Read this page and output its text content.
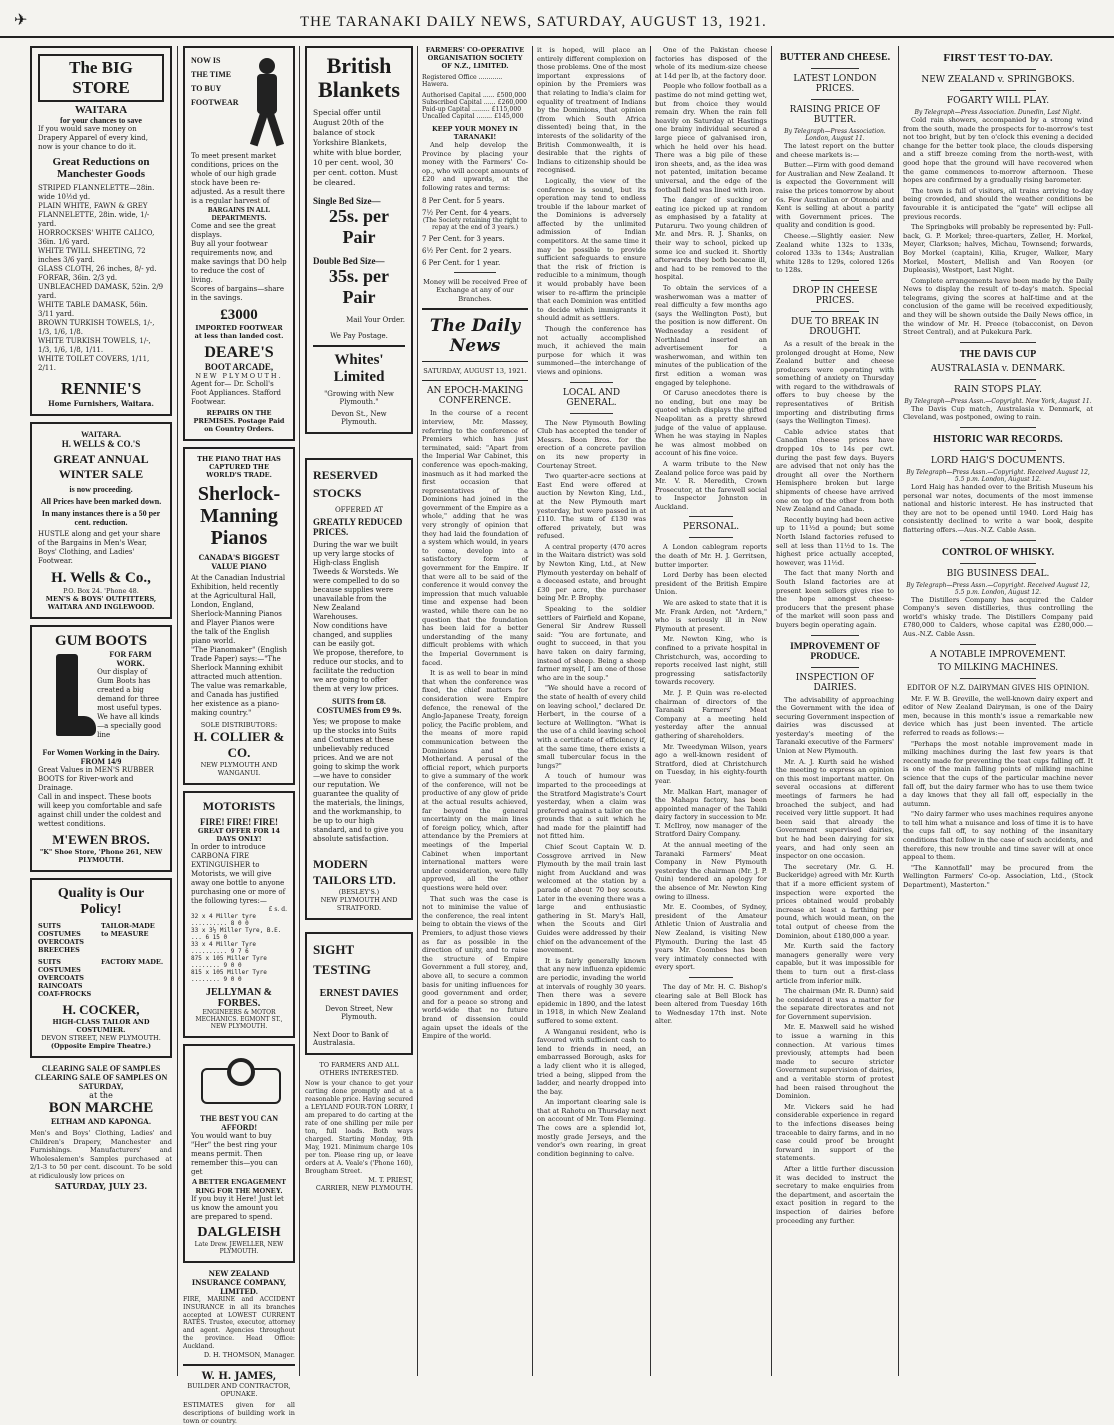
✈	THE TARANAKI DAILY NEWS, SATURDAY, AUGUST 13, 1921.
The BIG STORE
WAITARA
for your chances to save

If you would save money on Drapery Apparel of every kind, now is your chance to do it.

Great Reductions on Manchester Goods

STRIPED FLANNELETTE—28in. wide 10½d yd.

PLAIN WHITE, FAWN & GREY FLANNELETTE, 28in. wide, 1/- yard.

HORROCKSES' WHITE CALICO, 36in. 1/6 yard.

WHITE TWILL SHEETING, 72 inches 3/6 yard.

GLASS CLOTH, 26 inches, 8/- yd.

FORFAR, 36in. 2/3 yd.

UNBLEACHED DAMASK, 52in. 2/9 yard.

WHITE TABLE DAMASK, 56in. 3/11 yard.

BROWN TURKISH TOWELS, 1/-, 1/3, 1/6, 1/8.

WHITE TURKISH TOWELS, 1/-, 1/3, 1/6, 1/8, 1/11.

WHITE TOILET COVERS, 1/11, 2/11.

RENNIE'S
Home Furnishers, Waitara.
WAITARA.
H. WELLS & CO.'S
GREAT ANNUAL WINTER SALE
is now proceeding.
All Prices have been marked down.
In many instances there is a 50 per cent. reduction.

HUSTLE along and get your share of the Bargains in Men's Wear, Boys' Clothing, and Ladies' Footwear.

H. Wells & Co.,
P.O. Box 24. 'Phone 48.
MEN'S & BOYS' OUTFITTERS, WAITARA AND INGLEWOOD.
GUM BOOTS
FOR FARM WORK.

Our display of Gum Boots has created a big demand for three most useful types.

We have all kinds—a specially good line

For Women Working in the Dairy. FROM 14/9

Great Values in MEN'S RUBBER BOOTS for River-work and Drainage.

Call in and inspect. These boots will keep you comfortable and safe against chill under the coldest and wettest conditions.

M'EWEN BROS.
"K" Shoe Store, 'Phone 261, NEW PLYMOUTH.
Quality is Our Policy!
SUITS COSTUMES OVERCOATS BREECHES
TAILOR-MADE to MEASURE
SUITS COSTUMES OVERCOATS RAINCOATS COAT-FROCKS
FACTORY MADE.
H. COCKER,
HIGH-CLASS TAILOR AND COSTUMIER.
DEVON STREET, NEW PLYMOUTH.
(Opposite Empire Theatre.)
CLEARING SALE OF SAMPLES CLEARING SALE OF SAMPLES ON SATURDAY,
at the
BON MARCHE
ELTHAM AND KAPONGA.

Men's and Boys' Clothing, Ladies' and Children's Drapery, Manchester and Furnishings. Manufacturers' and Wholesalemen's Samples purchased at 2/1-3 to 50 per cent. discount. To be sold at ridiculously low prices on

SATURDAY, JULY 23.
NOW IS THE TIME TO BUY FOOTWEAR

To meet present market conditions, prices on the whole of our high grade stock have been re-adjusted. As a result there is a regular harvest of

BARGAINS IN ALL DEPARTMENTS.

Come and see the great displays.

Buy all your footwear requirements now, and make savings that DO help to reduce the cost of living.

Scores of bargains—share in the savings.

£3000
IMPORTED FOOTWEAR at less than landed cost.
DEARE'S
BOOT ARCADE,
NEW PLYMOUTH.

Agent for— Dr. Scholl's Foot Appliances. Stafford Footwear.

REPAIRS ON THE PREMISES. Postage Paid on Country Orders.
THE PIANO THAT HAS CAPTURED THE WORLD'S TRADE.
Sherlock-Manning Pianos
CANADA'S BIGGEST VALUE PIANO

At the Canadian Industrial Exhibition, held recently at the Agricultural Hall, London, England, Sherlock-Manning Pianos and Player Pianos were the talk of the English piano world.

"The Pianomaker" (English Trade Paper) says:—"The Sherlock Manning exhibit attracted much attention. The value was remarkable, and Canada has justified her existence as a piano-making country."

SOLE DISTRIBUTORS:
H. COLLIER & CO.
NEW PLYMOUTH AND WANGANUI.
MOTORISTS
FIRE! FIRE! FIRE!
GREAT OFFER FOR 14 DAYS ONLY!

In order to introduce CARBONA FIRE EXTINGUISHER to Motorists, we will give away one bottle to anyone purchasing one or more of the following tyres:—

£ s. d.
32 x 4 Miller tyre .......... 8 0 0
33 x 3½ Miller Tyre, B.E. ... 6 15 0
33 x 4 Miller Tyre .......... 9 7 6
875 x 105 Miller Tyre ........ 9 0 0
815 x 105 Miller Tyre ........ 9 0 0
JELLYMAN & FORBES.
ENGINEERS & MOTOR MECHANICS. EGMONT ST., NEW PLYMOUTH.
THE BEST YOU CAN AFFORD!

You would want to buy "Her" the best ring your means permit. Then remember this—you can get

A BETTER ENGAGEMENT RING FOR THE MONEY.

If you buy it Here! Just let us know the amount you are prepared to spend.

DALGLEISH
Late Drew. JEWELLER, NEW PLYMOUTH.
NEW ZEALAND INSURANCE COMPANY, LIMITED.

FIRE, MARINE and ACCIDENT INSURANCE in all its branches accepted at LOWEST CURRENT RATES. Trustee, executor, attorney and agent. Agencies throughout the province. Head Office: Auckland.

D. H. THOMSON, Manager.
W. H. JAMES,
BUILDER AND CONTRACTOR, OPUNAKE.

ESTIMATES given for all descriptions of building work in town or country.

British Blankets

Special offer until August 20th of the balance of stock Yorkshire Blankets, white with blue border, 10 per cent. wool, 30 per cent. cotton. Must be cleared.

Single Bed Size—
25s. per Pair
Double Bed Size—
35s. per Pair
Mail Your Order.
We Pay Postage.
Whites' Limited
"Growing with New Plymouth."
Devon St., New Plymouth.
RESERVED STOCKS
OFFERED AT
GREATLY REDUCED PRICES.

During the war we built up very large stocks of High-class English Tweeds & Worsteds. We were compelled to do so because supplies were unavailable from the New Zealand Warehouses.

Now conditions have changed, and supplies can be easily got.

We propose, therefore, to reduce our stocks, and to facilitate the reduction we are going to offer them at very low prices.

SUITS from £8. COSTUMES from £9 9s.

Yes; we propose to make up the stocks into Suits and Costumes at these unbelievably reduced prices. And we are not going to skimp the work—we have to consider our reputation. We guarantee the quality of the materials, the linings, and the workmanship, to be up to our high standard, and to give you absolute satisfaction.

MODERN TAILORS LTD.
(BESLEY'S.)
NEW PLYMOUTH AND STRATFORD.
SIGHT TESTING
ERNEST DAVIES
Devon Street, New Plymouth.
Next Door to Bank of Australasia.
TO FARMERS AND ALL OTHERS INTERESTED.

Now is your chance to get your carting done promptly and at a reasonable price. Having secured a LEYLAND FOUR-TON LORRY, I am prepared to do carting at the rate of one shilling per mile per ton, full loads. Both ways charged. Starting Monday, 9th May, 1921. Minimum charge 10s per ton. Please ring up, or leave orders at A. Veale's ('Phone 160), Brougham Street.

M. T. PRIEST,
CARRIER, NEW PLYMOUTH.
FARMERS' CO-OPERATIVE ORGANISATION SOCIETY OF N.Z., LIMITED.
Registered Office ............ Hawera.
Authorised Capital ...... £500,000
Subscribed Capital ...... £260,000
Paid-up Capital ......... £115,000
Uncalled Capital ........ £145,000
KEEP YOUR MONEY IN TARANAKI!

And help develop the Province by placing your money with the Farmers' Co-op., who will accept amounts of £20 and upwards, at the following rates and terms:

8 Per Cent. for 5 years.
7½ Per Cent. for 4 years.
(The Society retaining the right to repay at the end of 3 years.)
7 Per Cent. for 3 years.
6½ Per Cent. for 2 years.
6 Per Cent. for 1 year.

Money will be received Free of Exchange at any of our Branches.

The Daily News
SATURDAY, AUGUST 13, 1921.
AN EPOCH-MAKING CONFERENCE.

In the course of a recent interview, Mr. Massey, referring to the conference of Premiers which has just terminated, said: "Apart from the Imperial War Cabinet, this conference was epoch-making, inasmuch as it had marked the first occasion that representatives of the Dominions had joined in the government of the Empire as a whole," adding that he was very strongly of opinion that they had laid the foundation of a system which would, in years to come, develop into a satisfactory form of government for the Empire. If that were all to be said of the conference it would convey the impression that much valuable time and expense had been wasted, while there can be no question that the foundation has been laid for a better understanding of the many difficult problems with which the Imperial Government is faced.

It is as well to bear in mind that when the conference was fixed, the chief matters for consideration were Empire defence, the renewal of the Anglo-Japanese Treaty, foreign policy, the Pacific problem, and the means of more rapid communication between the Dominions and the Motherland. A perusal of the official report, which purports to give a summary of the work of the conference, will not be productive of any glow of pride at the actual results achieved, far beyond the general uncertainty on the main lines of foreign policy, which, after attendance by the Premiers at meetings of the Imperial Cabinet when important international matters were under consideration, were fully approved, all the other questions were held over.

That such was the case is not to minimise the value of the conference, the real intent being to obtain the views of the Premiers, to adjust those views as far as possible in the direction of unity, and to raise the structure of Empire Government a full storey, and, above all, to secure a common basis for uniting influences for good government and order, and for a peace so strong and world-wide that no future brand of dissension could again upset the ideals of the Empire of the world.

it is hoped, will place an entirely different complexion on those problems. One of the most important expressions of opinion by the Premiers was that relating to India's claim for equality of treatment of Indians by the Dominions, that opinion (from which South Africa dissented) being that, in the interests of the solidarity of the British Commonwealth, it is desirable that the rights of Indians to citizenship should be recognised.

Logically, the view of the conference is sound, but its operation may tend to endless trouble if the labour market of the Dominions is adversely affected by the unlimited admission of Indian competitors. At the same time it may be possible to provide sufficient safeguards to ensure that the risk of friction is reducible to a minimum, though it would probably have been wiser to re-affirm the principle that each Dominion was entitled to decide which immigrants it should admit as settlers.

Though the conference has not actually accomplished much, it achieved the main purpose for which it was summoned—the interchange of views and opinions.

LOCAL AND GENERAL.

The New Plymouth Bowling Club has accepted the tender of Messrs. Boon Bros. for the erection of a concrete pavilion on its new property in Courtenay Street.

Two quarter-acre sections at East End were offered at auction by Newton King, Ltd., at the New Plymouth mart yesterday, but were passed in at £110. The sum of £130 was offered privately, but was refused.

A central property (470 acres in the Waitara district) was sold by Newton King, Ltd., at New Plymouth yesterday on behalf of a deceased estate, and brought £30 per acre, the purchaser being Mr. P. Brophy.

Speaking to the soldier settlers of Fairfield and Kopane, General Sir Andrew Russell said: "You are fortunate, and ought to succeed, in that you have taken on dairy farming, instead of sheep. Being a sheep farmer myself, I am one of those who are in the soup."

"We should have a record of the state of health of every child on leaving school," declared Dr. Herbert, in the course of a lecture at Wellington. "What is the use of a child leaving school with a certificate of efficiency if, at the same time, there exists a small tubercular focus in the lungs?"

A touch of humour was imparted to the proceedings at the Stratford Magistrate's Court yesterday, when a claim was preferred against a tailor on the grounds that a suit which he had made for the plaintiff had not fitted him.

Chief Scout Captain W. D. Cossgrove arrived in New Plymouth by the mail train last night from Auckland and was welcomed at the station by a parade of about 70 boy scouts. Later in the evening there was a large and enthusiastic gathering in St. Mary's Hall, when the Scouts and Girl Guides were addressed by their chief on the advancement of the movement.

It is fairly generally known that any new influenza epidemic are periodic, invading the world at intervals of roughly 30 years. Then there was a severe epidemic in 1890, and the latest in 1918, in which New Zealand suffered to some extent.

A Wanganui resident, who is favoured with sufficient cash to lend to friends in need, an embarrassed Borough, asks for a lady client who it is alleged, tried a being, slipped from the ladder, and nearly dropped into the bay.

An important clearing sale is that at Rahotu on Thursday next on account of Mr. Tom Fleming. The cows are a splendid lot, mostly grade Jerseys, and the vendor's own rearing, in great condition beginning to calve.

One of the Pakistan cheese factories has disposed of the whole of its medium-size cheese at 14d per lb, at the factory door.

People who follow football as a pastime do not mind getting wet, but from choice they would remain dry. When the rain fell heavily on Saturday at Hastings one brainy individual secured a large piece of galvanised iron, which he held over his head. There was a big pile of these iron sheets, and, as the idea was not patented, imitation became universal, and the edge of the football field was lined with iron.

The danger of sucking or eating ice picked up at random as emphasised by a fatality at Putaruru. Two young children of Mr. and Mrs. R. J. Shanks, on their way to school, picked up some ice and sucked it. Shortly afterwards they both became ill, and had to be removed to the hospital.

To obtain the services of a washerwoman was a matter of real difficulty a few months ago (says the Wellington Post), but the position is now different. On Wednesday a resident of Northland inserted an advertisement for a washerwoman, and within ten minutes of the publication of the first edition a woman was engaged by telephone.

Of Caruso anecdotes there is no ending, but one may be quoted which displays the gifted Neapolitan as a pretty shrewd judge of the value of applause. When he was staying in Naples he was almost mobbed on account of his fine voice.

A warm tribute to the New Zealand police force was paid by Mr. V. R. Meredith, Crown Prosecutor, at the farewell social to Inspector Johnston in Auckland.

PERSONAL.

A London cablegram reports the death of Mr. H. J. Gerritsen, butter importer.

Lord Derby has been elected president of the British Empire Union.

We are asked to state that it is Mr. Frank Arden, not "Ardern," who is seriously ill in New Plymouth at present.

Mr. Newton King, who is confined to a private hospital in Christchurch, was, according to reports received last night, still progressing satisfactorily towards recovery.

Mr. J. P. Quin was re-elected chairman of directors of the Taranaki Farmers' Meat Company at a meeting held yesterday after the annual gathering of shareholders.

Mr. Tweedyman Wilson, years ago a well-known resident of Stratford, died at Christchurch on Tuesday, in his eighty-fourth year.

Mr. Malkan Hart, manager of the Mahapu factory, has been appointed manager of the Tahiki dairy factory in succession to Mr. T. McIlroy, now manager of the Stratford Dairy Company.

At the annual meeting of the Taranaki Farmers' Meat Company in New Plymouth yesterday the chairman (Mr. J. P. Quin) tendered an apology for the absence of Mr. Newton King owing to illness.

Mr. E. Coombes, of Sydney, president of the Amateur Athletic Union of Australia and New Zealand, is visiting New Plymouth. During the last 45 years Mr. Coombes has been very intimately connected with every sport.

The day of Mr. H. C. Bishop's clearing sale at Bell Block has been altered from Tuesday 16th to Wednesday 17th inst. Note alter.

BUTTER AND CHEESE.
LATEST LONDON PRICES.
RAISING PRICE OF BUTTER.
By Telegraph—Press Association. London, August 11.

The latest report on the butter and cheese markets is:—

Butter.—Firm with good demand for Australian and New Zealand. It is expected the Government will raise the prices tomorrow by about 6s. Few Australian or Otomobi and Kent is selling at about a parity with Government prices. The quality and condition is good.

Cheese.—Slightly easier. New Zealand white 132s to 133s, colored 133s to 134s; Australian white 128s to 129s, colored 126s to 128s.

DROP IN CHEESE PRICES.
DUE TO BREAK IN DROUGHT.

As a result of the break in the prolonged drought at Home, New Zealand butter and cheese producers were operating with something of anxiety on Thursday with regard to the withdrawals of offers to buy cheese by the representatives of British importing and distributing firms (says the Wellington Times).

Cable advice states that Canadian cheese prices have dropped 10s to 14s per cwt. during the past few days. Buyers are advised that not only has the drought all over the Northern Hemisphere broken but large shipments of cheese have arrived one on top of the other from both New Zealand and Canada.

Recently buying had been active up to 11½d a pound; but some North Island factories refused to sell at less than 11½d to 1s. The highest price actually accepted, however, was 11½d.

The fact that many North and South Island factories are at present keen sellers gives rise to the hope amongst cheese-producers that the present phase of the market will soon pass and buyers begin operating again.

IMPROVEMENT OF PRODUCE.
INSPECTION OF DAIRIES.

The advisability of approaching the Government with the idea of securing Government inspection of dairies was discussed at yesterday's meeting of the Taranaki executive of the Farmers' Union at New Plymouth.

Mr. A. J. Kurth said he wished the meeting to express an opinion on this most important matter. On several occasions at different meetings of farmers he had broached the subject, and had received very little support. It had been said that already the Government supervised dairies, but he had been dairying for six years, and had only seen an inspector on one occasion.

The secretary (Mr. G. H. Buckeridge) agreed with Mr. Kurth that if a more efficient system of inspection were exported the prices obtained would probably increase at least a farthing per pound, which would mean, on the total output of cheese from the Dominion, about £180,000 a year.

Mr. Kurth said the factory managers generally were very capable, but it was impossible for them to turn out a first-class article from inferior milk.

The chairman (Mr. R. Dunn) said he considered it was a matter for the separate directorates and not for Government supervision.

Mr. E. Maxwell said he wished to issue a warning in this connection. At various times previously, attempts had been made to secure stricter Government supervision of dairies, and a veritable storm of protest had been raised throughout the Dominion.

Mr. Vickers said he had considerable experience in regard to the infections diseases being traceable to dairy farms, and in no case could proof be brought forward in support of the statements.

After a little further discussion it was decided to instruct the secretary to make enquiries from the department, and ascertain the exact position in regard to the inspection of dairies before proceeding any further.

FIRST TEST TO-DAY.
NEW ZEALAND v. SPRINGBOKS.
FOGARTY WILL PLAY.
By Telegraph—Press Association. Dunedin, Last Night.

Cold rain showers, accompanied by a strong wind from the south, made the prospects for to-morrow's test not too bright, but by ten o'clock this evening a decided change for the better took place, the clouds dispersing and a stiff breeze coming from the north-west, with good hope that the ground will have recovered when the game commences to-morrow afternoon. These hopes are confirmed by a gradually rising barometer.

The town is full of visitors, all trains arriving to-day being crowded, and should the weather conditions be favourable it is anticipated the "gate" will eclipse all previous records.

The Springboks will probably be represented by: Full-back, G. P. Morkel; three-quarters, Zeller, H. Morkel, Meyer, Clarkson; halves, Michau, Townsend; forwards, Boy Morkel (captain), Kilia, Kruger, Walker, Mary Morkel, Mostert, Mellish and Van Rooyen (or Dupleasis), Westport, Last Night.

Complete arrangements have been made by the Daily News to display the result of to-day's match. Special telegrams, giving the scores at half-time and at the conclusion of the game will be received expeditiously, and they will be shown outside the Daily News office, in the window of Mr. H. Preece (tobacconist, on Devon Street Central), and at Pukekura Park.

THE DAVIS CUP
AUSTRALASIA v. DENMARK.
RAIN STOPS PLAY.
By Telegraph—Press Assn.—Copyright. New York, August 11.

The Davis Cup match, Australasia v. Denmark, at Cleveland, was postponed, owing to rain.

HISTORIC WAR RECORDS.
LORD HAIG'S DOCUMENTS.
By Telegraph—Press Assn.—Copyright. Received August 12, 5.5 p.m. London, August 12.

Lord Haig has handed over to the British Museum his personal war notes, documents of the most immense national and historic interest. He has instructed that they are not to be opened until 1940. Lord Haig has consistently declined to write a war book, despite flattering offers.—Aus.-N.Z. Cable Assn.

CONTROL OF WHISKY.
BIG BUSINESS DEAL.
By Telegraph—Press Assn.—Copyright. Received August 12, 5.5 p.m. London, August 12.

The Distillers Company has acquired the Calder Company's seven distilleries, thus controlling the world's whisky trade. The Distillers Company paid £780,000 to Calders, whose capital was £280,000.—Aus.-N.Z. Cable Assn.

A NOTABLE IMPROVEMENT.
TO MILKING MACHINES.
EDITOR OF N.Z. DAIRYMAN GIVES HIS OPINION.

Mr. F. W. B. Greville, the well-known dairy expert and editor of New Zealand Dairyman, is one of the Dairy men, because in this month's issue a remarkable new device which has just been invented. The article referred to reads as follows:—

"Perhaps the most notable improvement made in milking machines during the last few years is that recently made for preventing the teat cups falling off. It is one of the main falling points of milking machine science that the cups of the particular machine never fall off, but the dairy farmer who has to use them twice a day knows that they all fall off, especially in the autumn.

"No dairy farmer who uses machines requires anyone to tell him what a nuisance and loss of time it is to have the cups fall off, to say nothing of the insanitary conditions that follow in the case of such accidents, and therefore, this new trouble and time saver will at once appeal to them.

"The Kannotfall" may be procured from the Wellington Farmers' Co-op. Association, Ltd., (Stock Department), Masterton."
